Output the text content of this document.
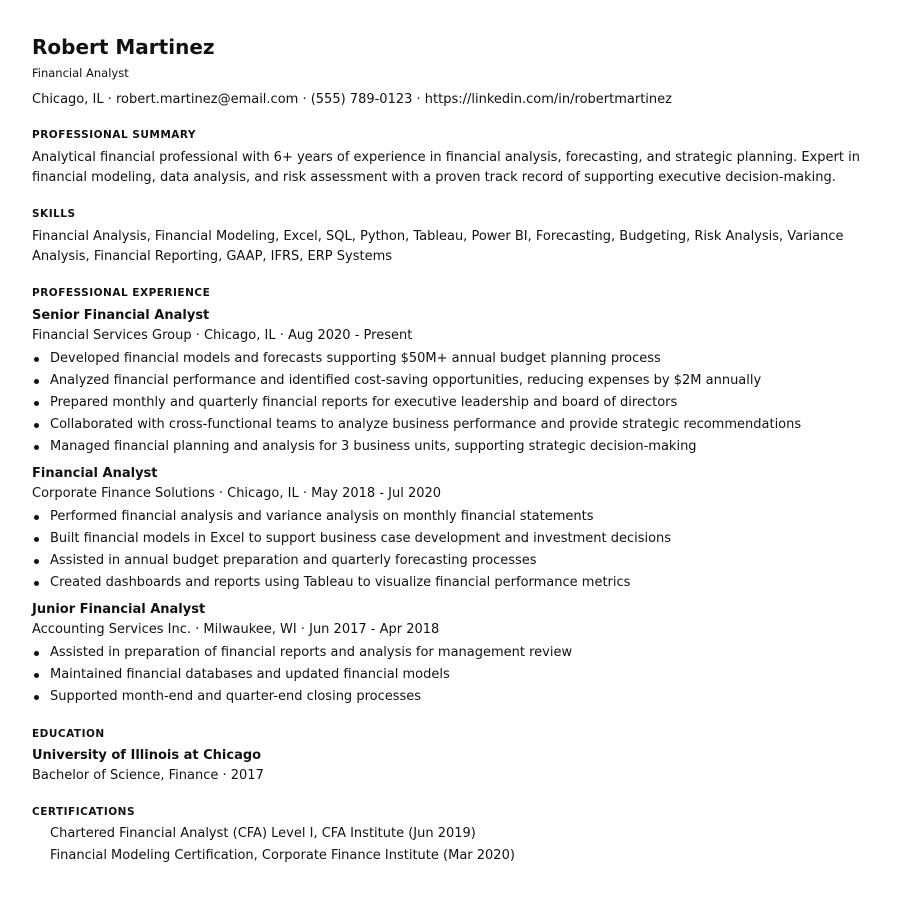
Robert Martinez
Financial Analyst
Chicago, IL · robert.martinez@email.com · (555) 789-0123 · https://linkedin.com/in/robertmartinez
PROFESSIONAL SUMMARY
Analytical financial professional with 6+ years of experience in financial analysis, forecasting, and strategic planning. Expert in financial modeling, data analysis, and risk assessment with a proven track record of supporting executive decision-making.
SKILLS
Financial Analysis, Financial Modeling, Excel, SQL, Python, Tableau, Power BI, Forecasting, Budgeting, Risk Analysis, Variance Analysis, Financial Reporting, GAAP, IFRS, ERP Systems
PROFESSIONAL EXPERIENCE
Senior Financial Analyst
Financial Services Group · Chicago, IL · Aug 2020 - Present
Developed financial models and forecasts supporting $50M+ annual budget planning process
Analyzed financial performance and identified cost-saving opportunities, reducing expenses by $2M annually
Prepared monthly and quarterly financial reports for executive leadership and board of directors
Collaborated with cross-functional teams to analyze business performance and provide strategic recommendations
Managed financial planning and analysis for 3 business units, supporting strategic decision-making
Financial Analyst
Corporate Finance Solutions · Chicago, IL · May 2018 - Jul 2020
Performed financial analysis and variance analysis on monthly financial statements
Built financial models in Excel to support business case development and investment decisions
Assisted in annual budget preparation and quarterly forecasting processes
Created dashboards and reports using Tableau to visualize financial performance metrics
Junior Financial Analyst
Accounting Services Inc. · Milwaukee, WI · Jun 2017 - Apr 2018
Assisted in preparation of financial reports and analysis for management review
Maintained financial databases and updated financial models
Supported month-end and quarter-end closing processes
EDUCATION
University of Illinois at Chicago
Bachelor of Science, Finance · 2017
CERTIFICATIONS
Chartered Financial Analyst (CFA) Level I, CFA Institute (Jun 2019)
Financial Modeling Certification, Corporate Finance Institute (Mar 2020)
